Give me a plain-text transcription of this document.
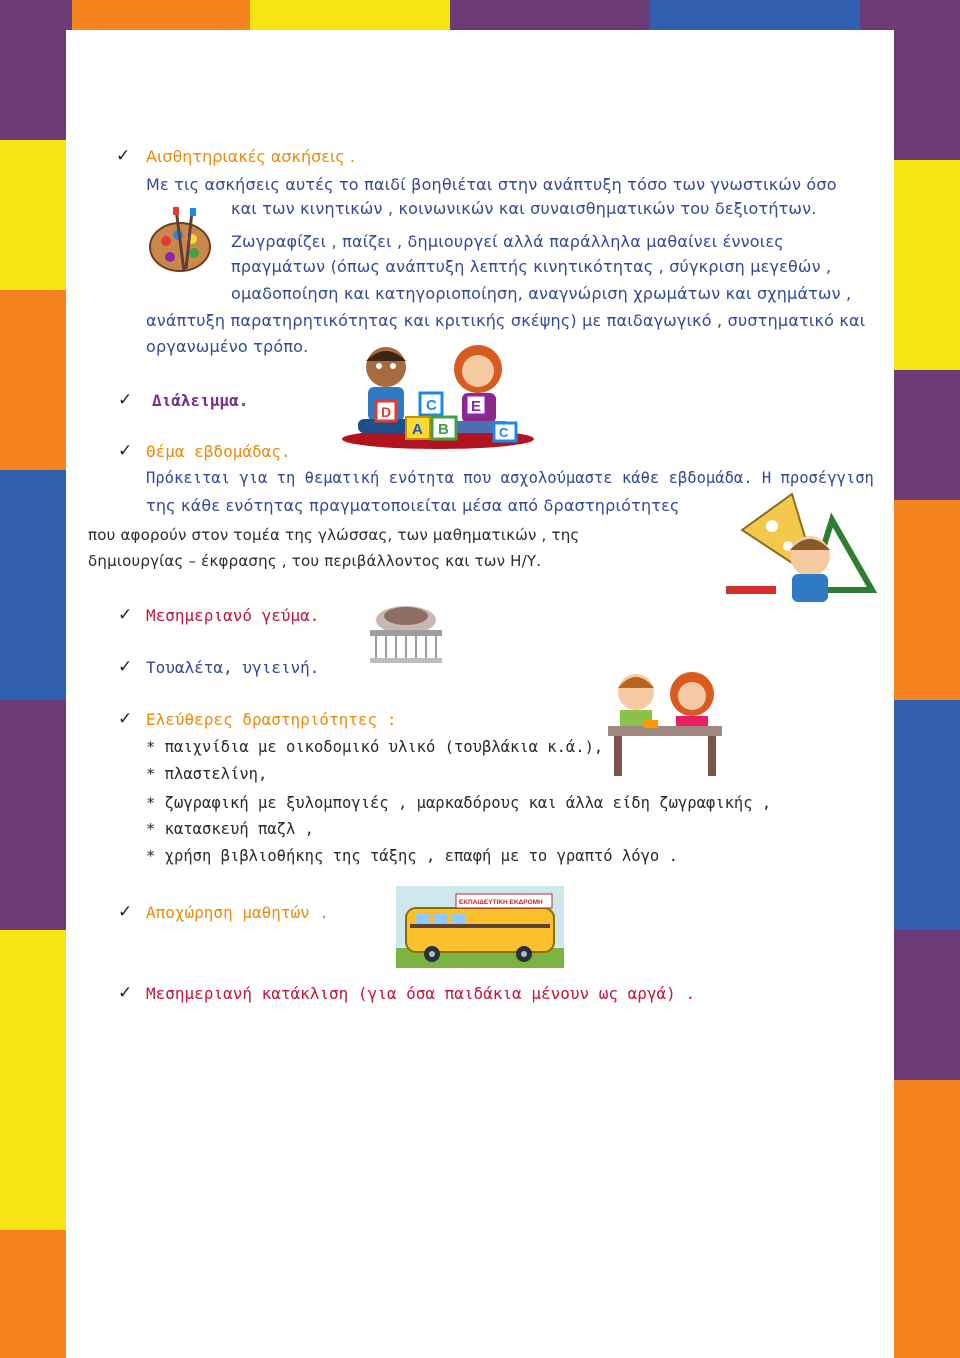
✓ Αισθητηριακές ασκήσεις .
Με τις ασκήσεις αυτές το παιδί βοηθιέται στην ανάπτυξη τόσο των γνωστικών όσο
και των κινητικών , κοινωνικών και συναισθηματικών του δεξιοτήτων.
Ζωγραφίζει , παίζει , δημιουργεί αλλά παράλληλα μαθαίνει έννοιες
πραγμάτων (όπως ανάπτυξη λεπτής κινητικότητας , σύγκριση μεγεθών ,
ομαδοποίηση και κατηγοριοποίηση, αναγνώριση χρωμάτων και σχημάτων ,
ανάπτυξη παρατηρητικότητας και κριτικής σκέψης) με παιδαγωγικό , συστηματικό και
οργανωμένο τρόπο.
✓ Διάλειμμα.
D C E
A B	C
✓ Θέμα εβδομάδας.
Πρόκειται για τη θεματική ενότητα που ασχολούμαστε κάθε εβδομάδα. Η προσέγγιση
της κάθε ενότητας πραγματοποιείται μέσα από δραστηριότητες
που αφορούν στον τομέα της γλώσσας, των μαθηματικών , της
δημιουργίας – έκφρασης , του περιβάλλοντος και των Η/Υ.
✓ Μεσημεριανό γεύμα.
✓ Τουαλέτα, υγιεινή.
✓ Ελεύθερες δραστηριότητες :
* παιχνίδια με οικοδομικό υλικό (τουβλάκια κ.ά.),
* πλαστελίνη,
* ζωγραφική με ξυλομπογιές , μαρκαδόρους και άλλα είδη ζωγραφικής ,
* κατασκευή παζλ ,
* χρήση βιβλιοθήκης της τάξης , επαφή με το γραπτό λόγο .
✓ Αποχώρηση μαθητών .
ΕΚΠΑΙΔΕΥΤΙΚΗ ΕΚΔΡΟΜΗ
✓ Μεσημεριανή κατάκλιση (για όσα παιδάκια μένουν ως αργά) .
